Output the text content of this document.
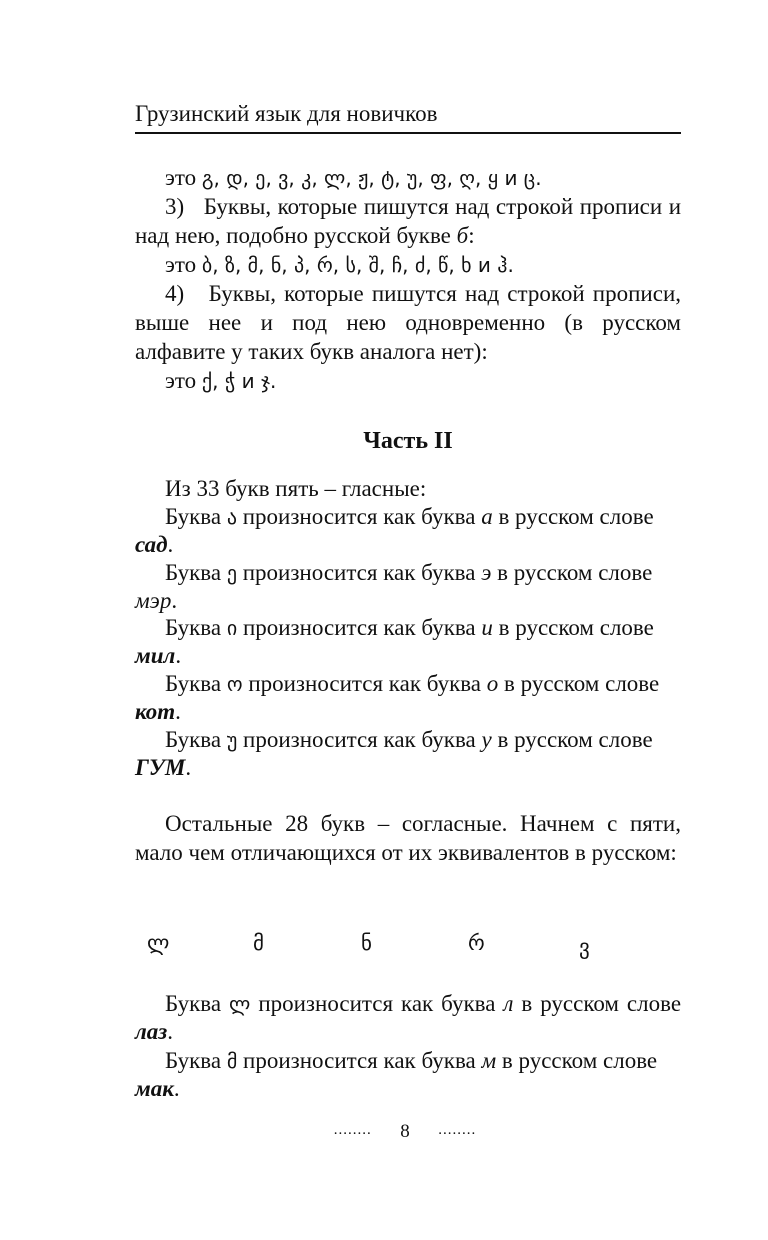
Грузинский язык для новичков

это გ, დ, ე, ვ, კ, ლ, ჟ, ტ, უ, ფ, ღ, ყ и ც.

3) Буквы, которые пишутся над строкой прописи и над нею, подобно русской букве б:

это ბ, ზ, მ, ნ, პ, რ, ს, შ, ჩ, ძ, წ, ხ и ჰ.

4) Буквы, которые пишутся над строкой прописи, выше нее и под нею одновременно (в русском алфавите у таких букв аналога нет):

это ქ, ჭ и ჯ.

Часть II

Из 33 букв пять – гласные:

Буква ა произносится как буква а в русском слове
сад.

Буква ე произносится как буква э в русском слове
мэр.

Буква ი произносится как буква и в русском слове
мил.

Буква ო произносится как буква о в русском слове
кот.

Буква უ произносится как буква у в русском слове
ГУМ.

Остальные 28 букв – согласные. Начнем с пяти, мало чем отличающихся от их эквивалентов в русском:

ლ	მ	ნ	რ	ვ

Буква ლ произносится как буква л в русском слове лаз.

Буква მ произносится как буква м в русском слове
мак.

........ 8 ........
